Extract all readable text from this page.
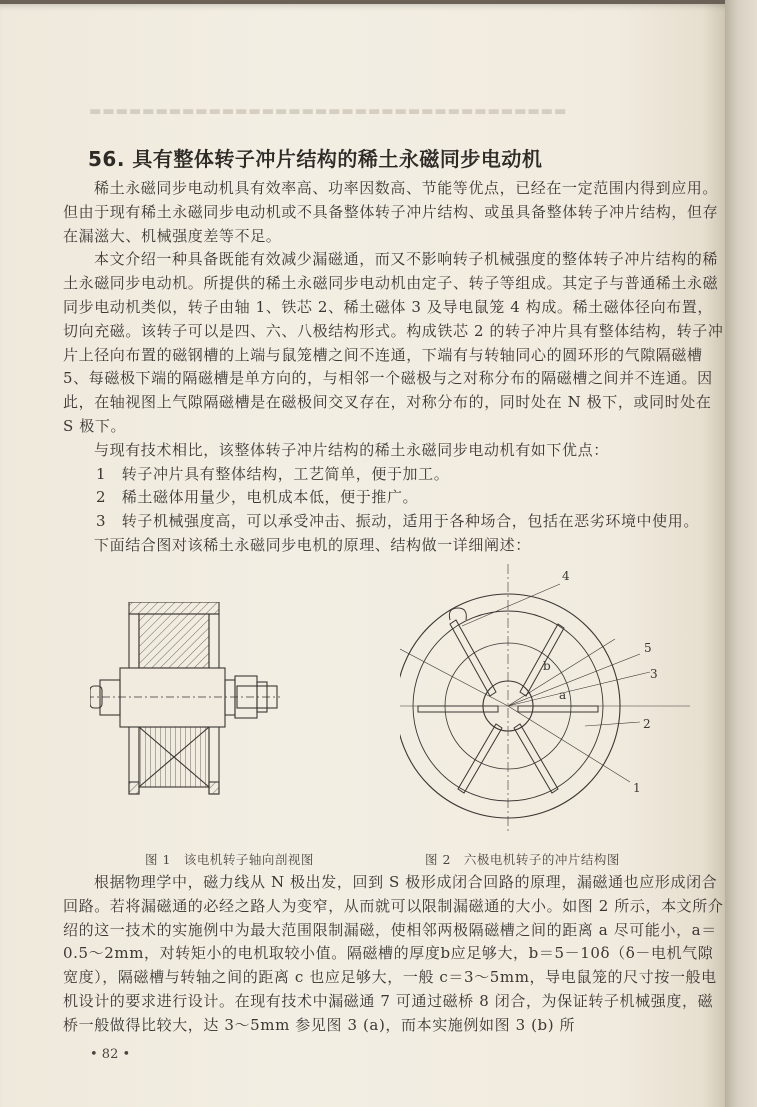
▬▬▬▬▬▬▬▬▬▬▬▬▬▬▬▬▬▬▬▬▬▬▬▬▬▬▬▬▬▬▬▬▬▬▬▬
56. 具有整体转子冲片结构的稀土永磁同步电动机

稀土永磁同步电动机具有效率高、功率因数高、节能等优点，已经在一定范围内得到应用。但由于现有稀土永磁同步电动机或不具备整体转子冲片结构、或虽具备整体转子冲片结构，但存在漏滋大、机械强度差等不足。

本文介绍一种具备既能有效减少漏磁通，而又不影响转子机械强度的整体转子冲片结构的稀土永磁同步电动机。所提供的稀土永磁同步电动机由定子、转子等组成。其定子与普通稀土永磁同步电动机类似，转子由轴 1、铁芯 2、稀土磁体 3 及导电鼠笼 4 构成。稀土磁体径向布置，切向充磁。该转子可以是四、六、八极结构形式。构成铁芯 2 的转子冲片具有整体结构，转子冲片上径向布置的磁钢槽的上端与鼠笼槽之间不连通，下端有与转轴同心的圆环形的气隙隔磁槽 5、每磁极下端的隔磁槽是单方向的，与相邻一个磁极与之对称分布的隔磁槽之间并不连通。因此，在轴视图上气隙隔磁槽是在磁极间交叉存在，对称分布的，同时处在 N 极下，或同时处在 S 极下。

与现有技术相比，该整体转子冲片结构的稀土永磁同步电动机有如下优点：

1　转子冲片具有整体结构，工艺简单，便于加工。

2　稀土磁体用量少，电机成本低，便于推广。

3　转子机械强度高，可以承受冲击、振动，适用于各种场合，包括在恶劣环境中使用。

下面结合图对该稀土永磁同步电机的原理、结构做一详细阐述：

4
5
3
2
1
a
b
图 1　该电机转子轴向剖视图	图 2　六极电机转子的冲片结构图

根据物理学中，磁力线从 N 极出发，回到 S 极形成闭合回路的原理，漏磁通也应形成闭合回路。若将漏磁通的必经之路人为变窄，从而就可以限制漏磁通的大小。如图 2 所示，本文所介绍的这一技术的实施例中为最大范围限制漏磁，使相邻两极隔磁槽之间的距离 a 尽可能小，a＝0.5～2mm，对转矩小的电机取较小值。隔磁槽的厚度b应足够大，b＝5－10δ（δ－电机气隙宽度），隔磁槽与转轴之间的距离 c 也应足够大，一般 c＝3～5mm，导电鼠笼的尺寸按一般电机设计的要求进行设计。在现有技术中漏磁通 7 可通过磁桥 8 闭合，为保证转子机械强度，磁桥一般做得比较大，达 3～5mm 参见图 3 (a)，而本实施例如图 3 (b) 所

• 82 •
